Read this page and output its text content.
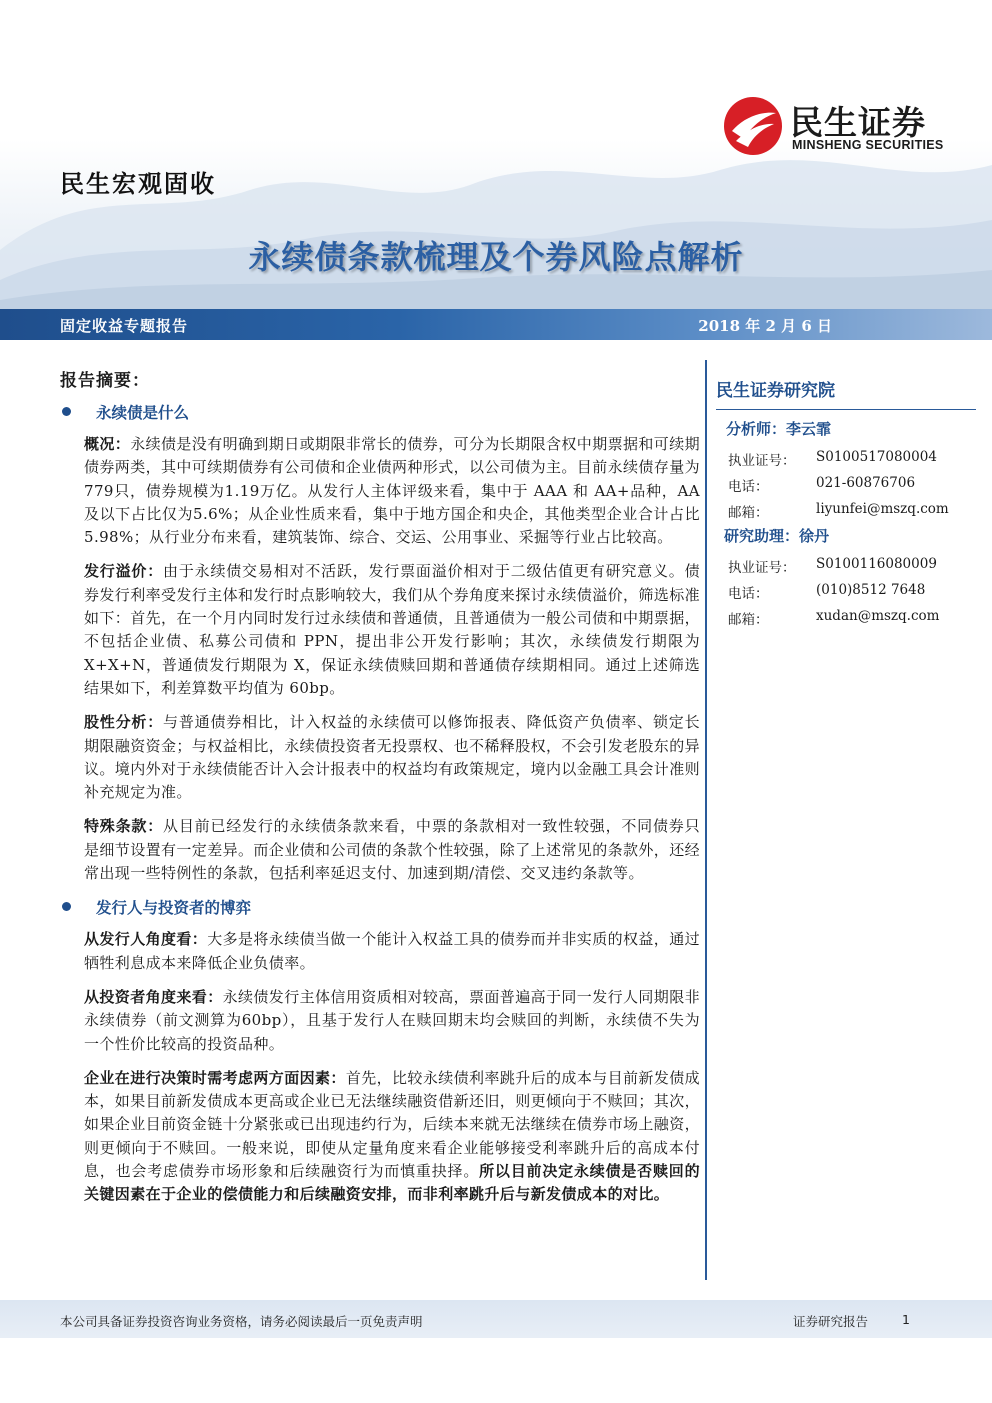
民生证券
MINSHENG SECURITIES
民生宏观固收
永续债条款梳理及个券风险点解析
固定收益专题报告	2018 年 2 月 6 日
报告摘要：
永续债是什么

概况：永续债是没有明确到期日或期限非常长的债券，可分为长期限含权中期票据和可续期债券两类，其中可续期债券有公司债和企业债两种形式，以公司债为主。目前永续债存量为779只，债券规模为1.19万亿。从发行人主体评级来看，集中于 AAA 和 AA+品种，AA 及以下占比仅为5.6%；从企业性质来看，集中于地方国企和央企，其他类型企业合计占比 5.98%；从行业分布来看，建筑装饰、综合、交运、公用事业、采掘等行业占比较高。

发行溢价：由于永续债交易相对不活跃，发行票面溢价相对于二级估值更有研究意义。债券发行利率受发行主体和发行时点影响较大，我们从个券角度来探讨永续债溢价，筛选标准如下：首先，在一个月内同时发行过永续债和普通债，且普通债为一般公司债和中期票据，不包括企业债、私募公司债和 PPN，提出非公开发行影响；其次，永续债发行期限为 X+X+N，普通债发行期限为 X，保证永续债赎回期和普通债存续期相同。通过上述筛选结果如下，利差算数平均值为 60bp。

股性分析：与普通债券相比，计入权益的永续债可以修饰报表、降低资产负债率、锁定长期限融资资金；与权益相比，永续债投资者无投票权、也不稀释股权，不会引发老股东的异议。境内外对于永续债能否计入会计报表中的权益均有政策规定，境内以金融工具会计准则补充规定为准。

特殊条款：从目前已经发行的永续债条款来看，中票的条款相对一致性较强，不同债券只是细节设置有一定差异。而企业债和公司债的条款个性较强，除了上述常见的条款外，还经常出现一些特例性的条款，包括利率延迟支付、加速到期/清偿、交叉违约条款等。

发行人与投资者的博弈

从发行人角度看：大多是将永续债当做一个能计入权益工具的债券而并非实质的权益，通过牺牲利息成本来降低企业负债率。

从投资者角度来看：永续债发行主体信用资质相对较高，票面普遍高于同一发行人同期限非永续债券（前文测算为60bp），且基于发行人在赎回期末均会赎回的判断，永续债不失为一个性价比较高的投资品种。

企业在进行决策时需考虑两方面因素：首先，比较永续债利率跳升后的成本与目前新发债成本，如果目前新发债成本更高或企业已无法继续融资借新还旧，则更倾向于不赎回；其次，如果企业目前资金链十分紧张或已出现违约行为，后续本来就无法继续在债券市场上融资，则更倾向于不赎回。一般来说，即使从定量角度来看企业能够接受利率跳升后的高成本付息，也会考虑债券市场形象和后续融资行为而慎重抉择。所以目前决定永续债是否赎回的关键因素在于企业的偿债能力和后续融资安排，而非利率跳升后与新发债成本的对比。

民生证券研究院
分析师：李云霏
执业证号： S0100517080004
电话：	021-60876706
邮箱：	liyunfei@mszq.com
研究助理：徐丹
执业证号： S0100116080009
电话：	(010)8512 7648
邮箱：	xudan@mszq.com
本公司具备证券投资咨询业务资格，请务必阅读最后一页免责声明	证券研究报告	1
